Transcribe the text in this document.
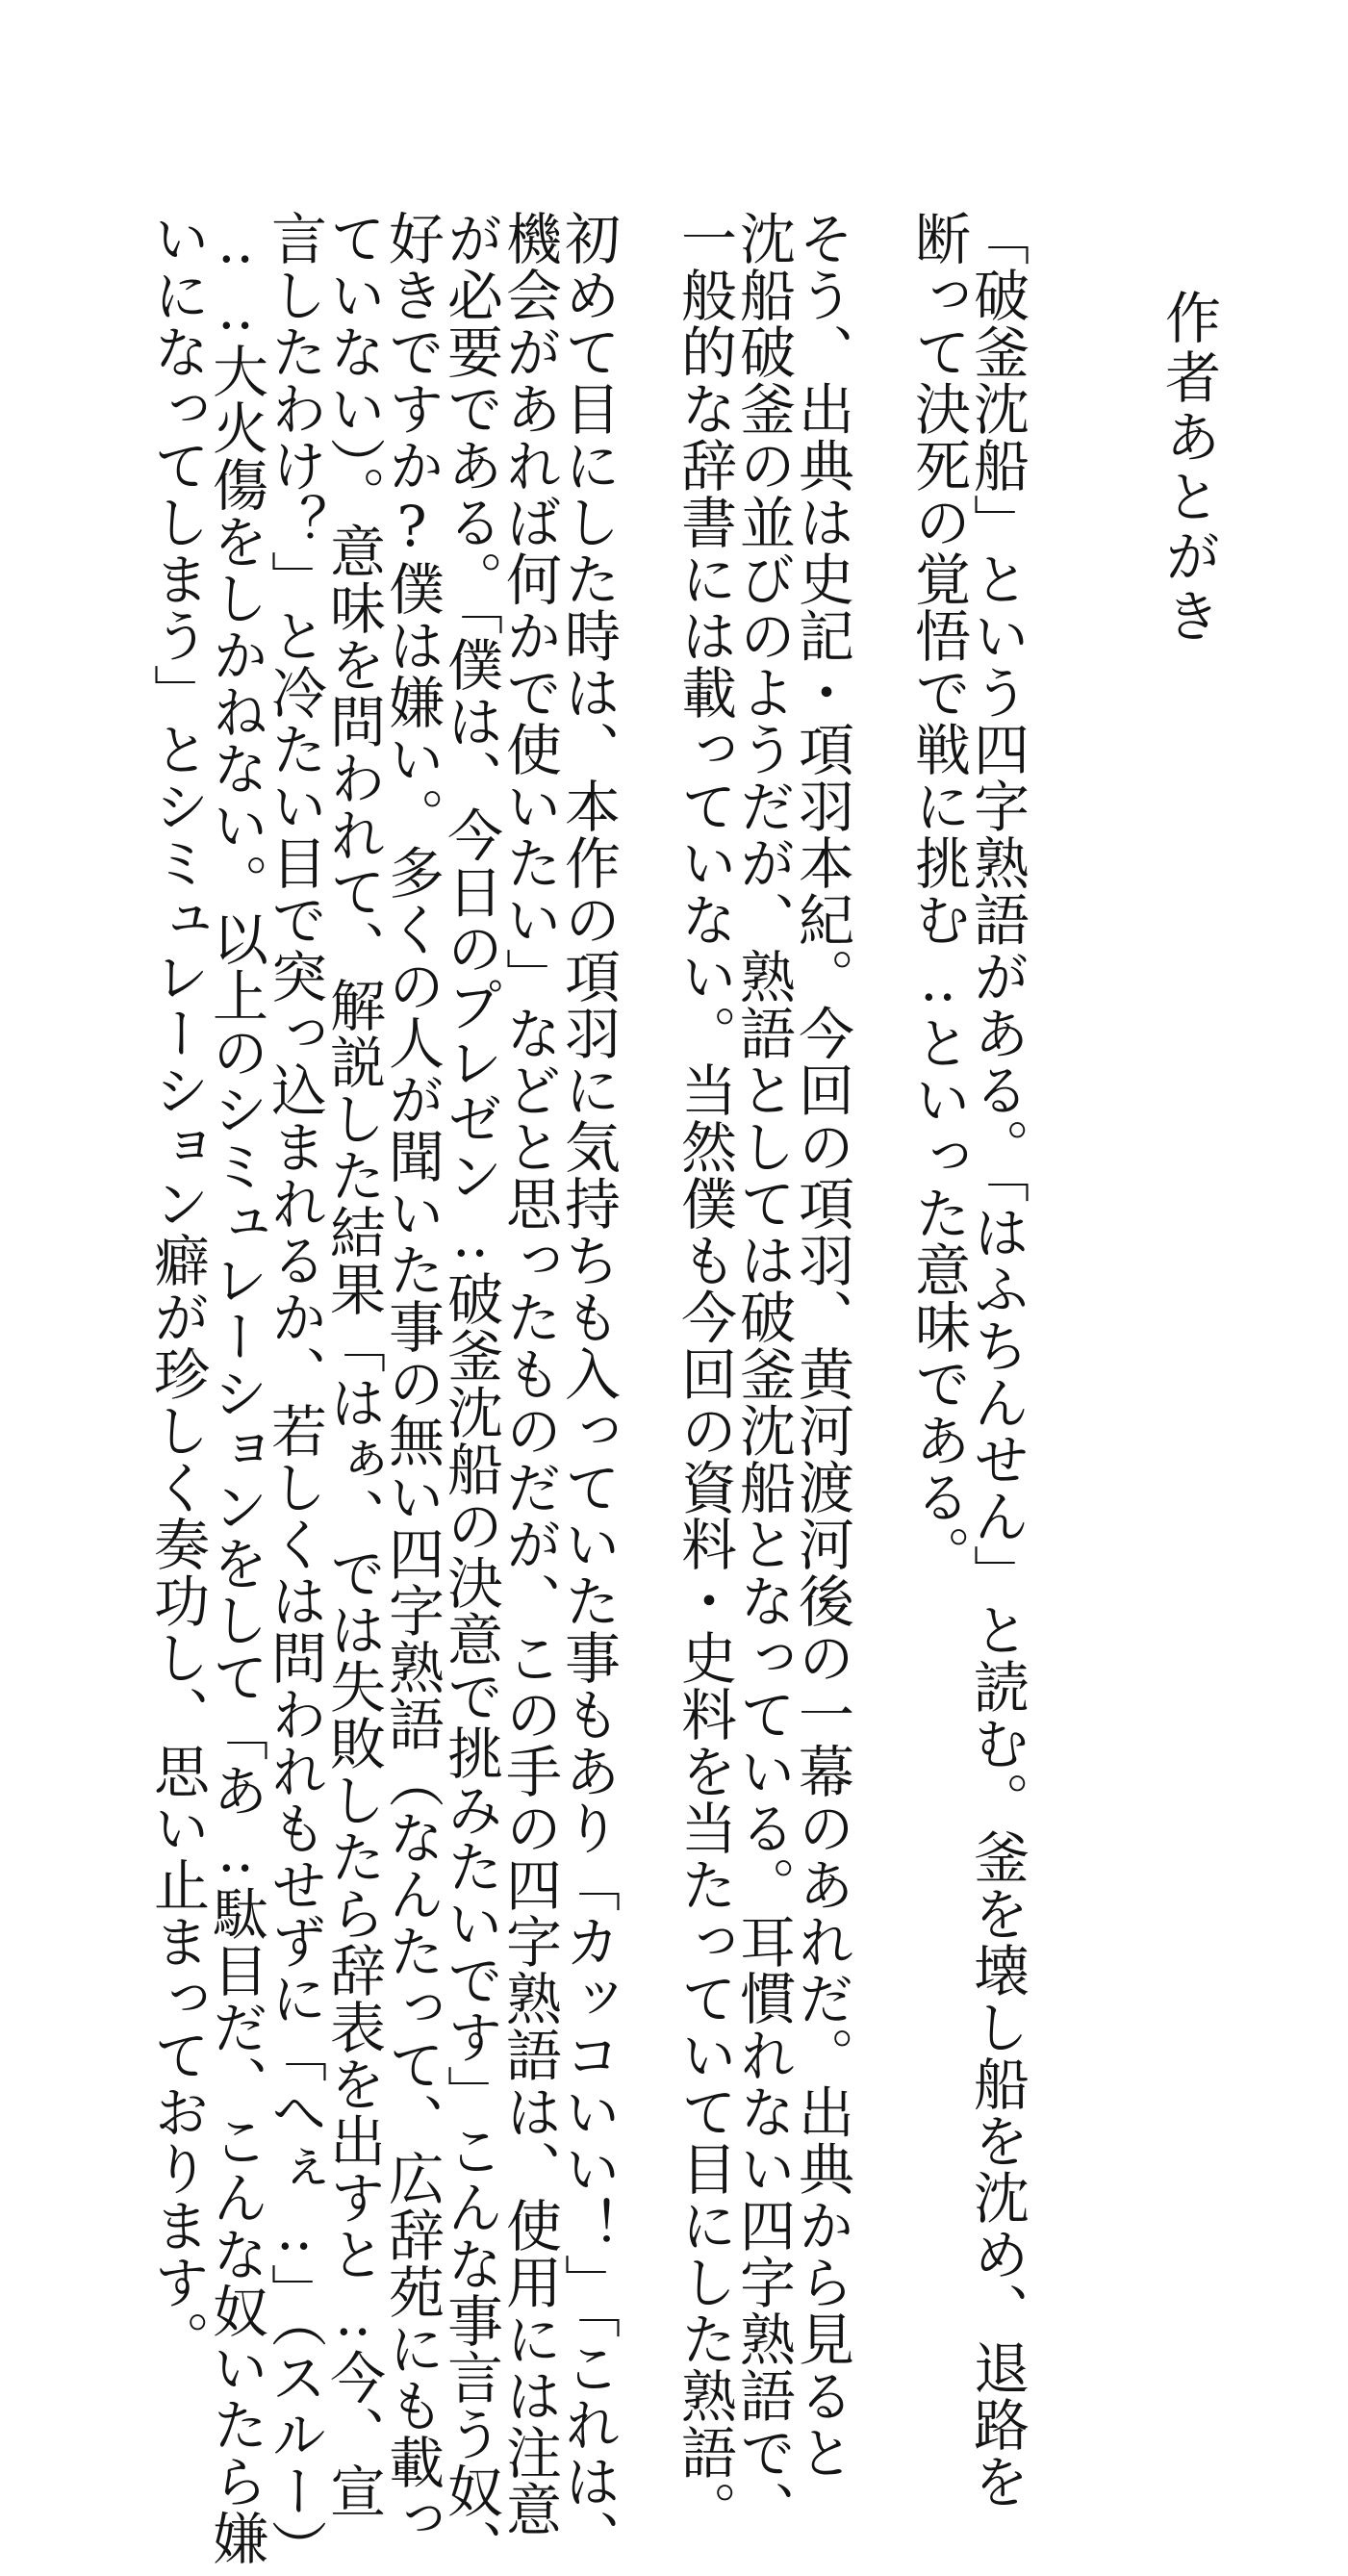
作者あとがき
「破釜沈船」という四字熟語がある。「はふちんせん」と読む。釜を壊し船を沈め、退路を
断って決死の覚悟で戦に挑む‥といった意味である。
そう、出典は史記・項羽本紀。今回の項羽、黄河渡河後の一幕のあれだ。出典から見ると
沈船破釜の並びのようだが、熟語としては破釜沈船となっている。耳慣れない四字熟語で、
一般的な辞書には載っていない。当然僕も今回の資料・史料を当たっていて目にした熟語。
初めて目にした時は、本作の項羽に気持ちも入っていた事もあり「カッコいい！」「これは、
機会があれば何かで使いたい」などと思ったものだが、この手の四字熟語は、使用には注意
が必要である。「僕は、今日のプレゼン‥破釜沈船の決意で挑みたいです」こんな事言う奴、
好きですか?僕は嫌い。多くの人が聞いた事の無い四字熟語（なんたって、広辞苑にも載っ
ていない）。意味を問われて、解説した結果「はぁ、では失敗したら辞表を出すと‥今、宣
言したわけ？」と冷たい目で突っ込まれるか、若しくは問われもせずに「へぇ‥」（スルー）
‥‥大火傷をしかねない。以上のシミュレーションをして「あ‥駄目だ、こんな奴いたら嫌
いになってしまう」とシミュレーション癖が珍しく奏功し、思い止まっております。
